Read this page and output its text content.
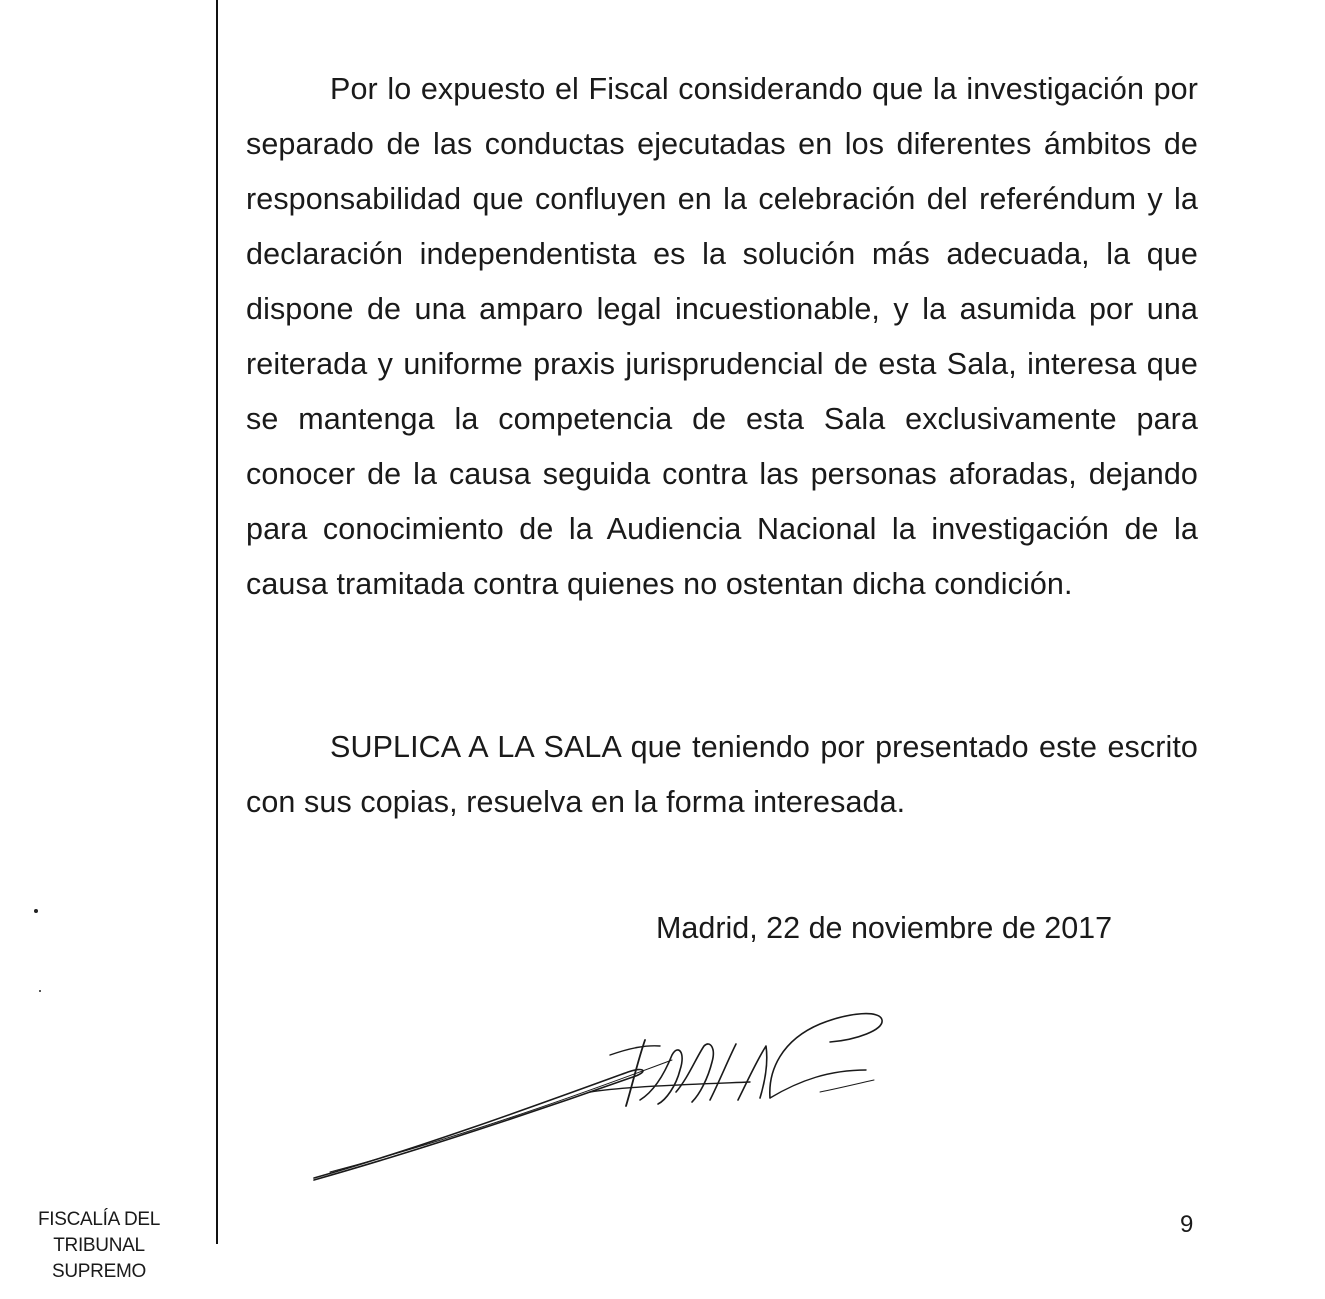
Por lo expuesto el Fiscal considerando que la investigación por separado de las conductas ejecutadas en los diferentes ámbitos de responsabilidad que confluyen en la celebración del referéndum y la declaración independentista es la solución más adecuada, la que dispone de una amparo legal incuestionable, y la asumida por una reiterada y uniforme praxis jurisprudencial de esta Sala, interesa que se mantenga la competencia de esta Sala exclusivamente para conocer de la causa seguida contra las personas aforadas, dejando para conocimiento de la Audiencia Nacional la investigación de la causa tramitada contra quienes no ostentan dicha condición.

SUPLICA A LA SALA que teniendo por presentado este escrito con sus copias, resuelva en la forma interesada.

Madrid, 22 de noviembre de 2017
FISCALÍA DEL
TRIBUNAL
SUPREMO
9
